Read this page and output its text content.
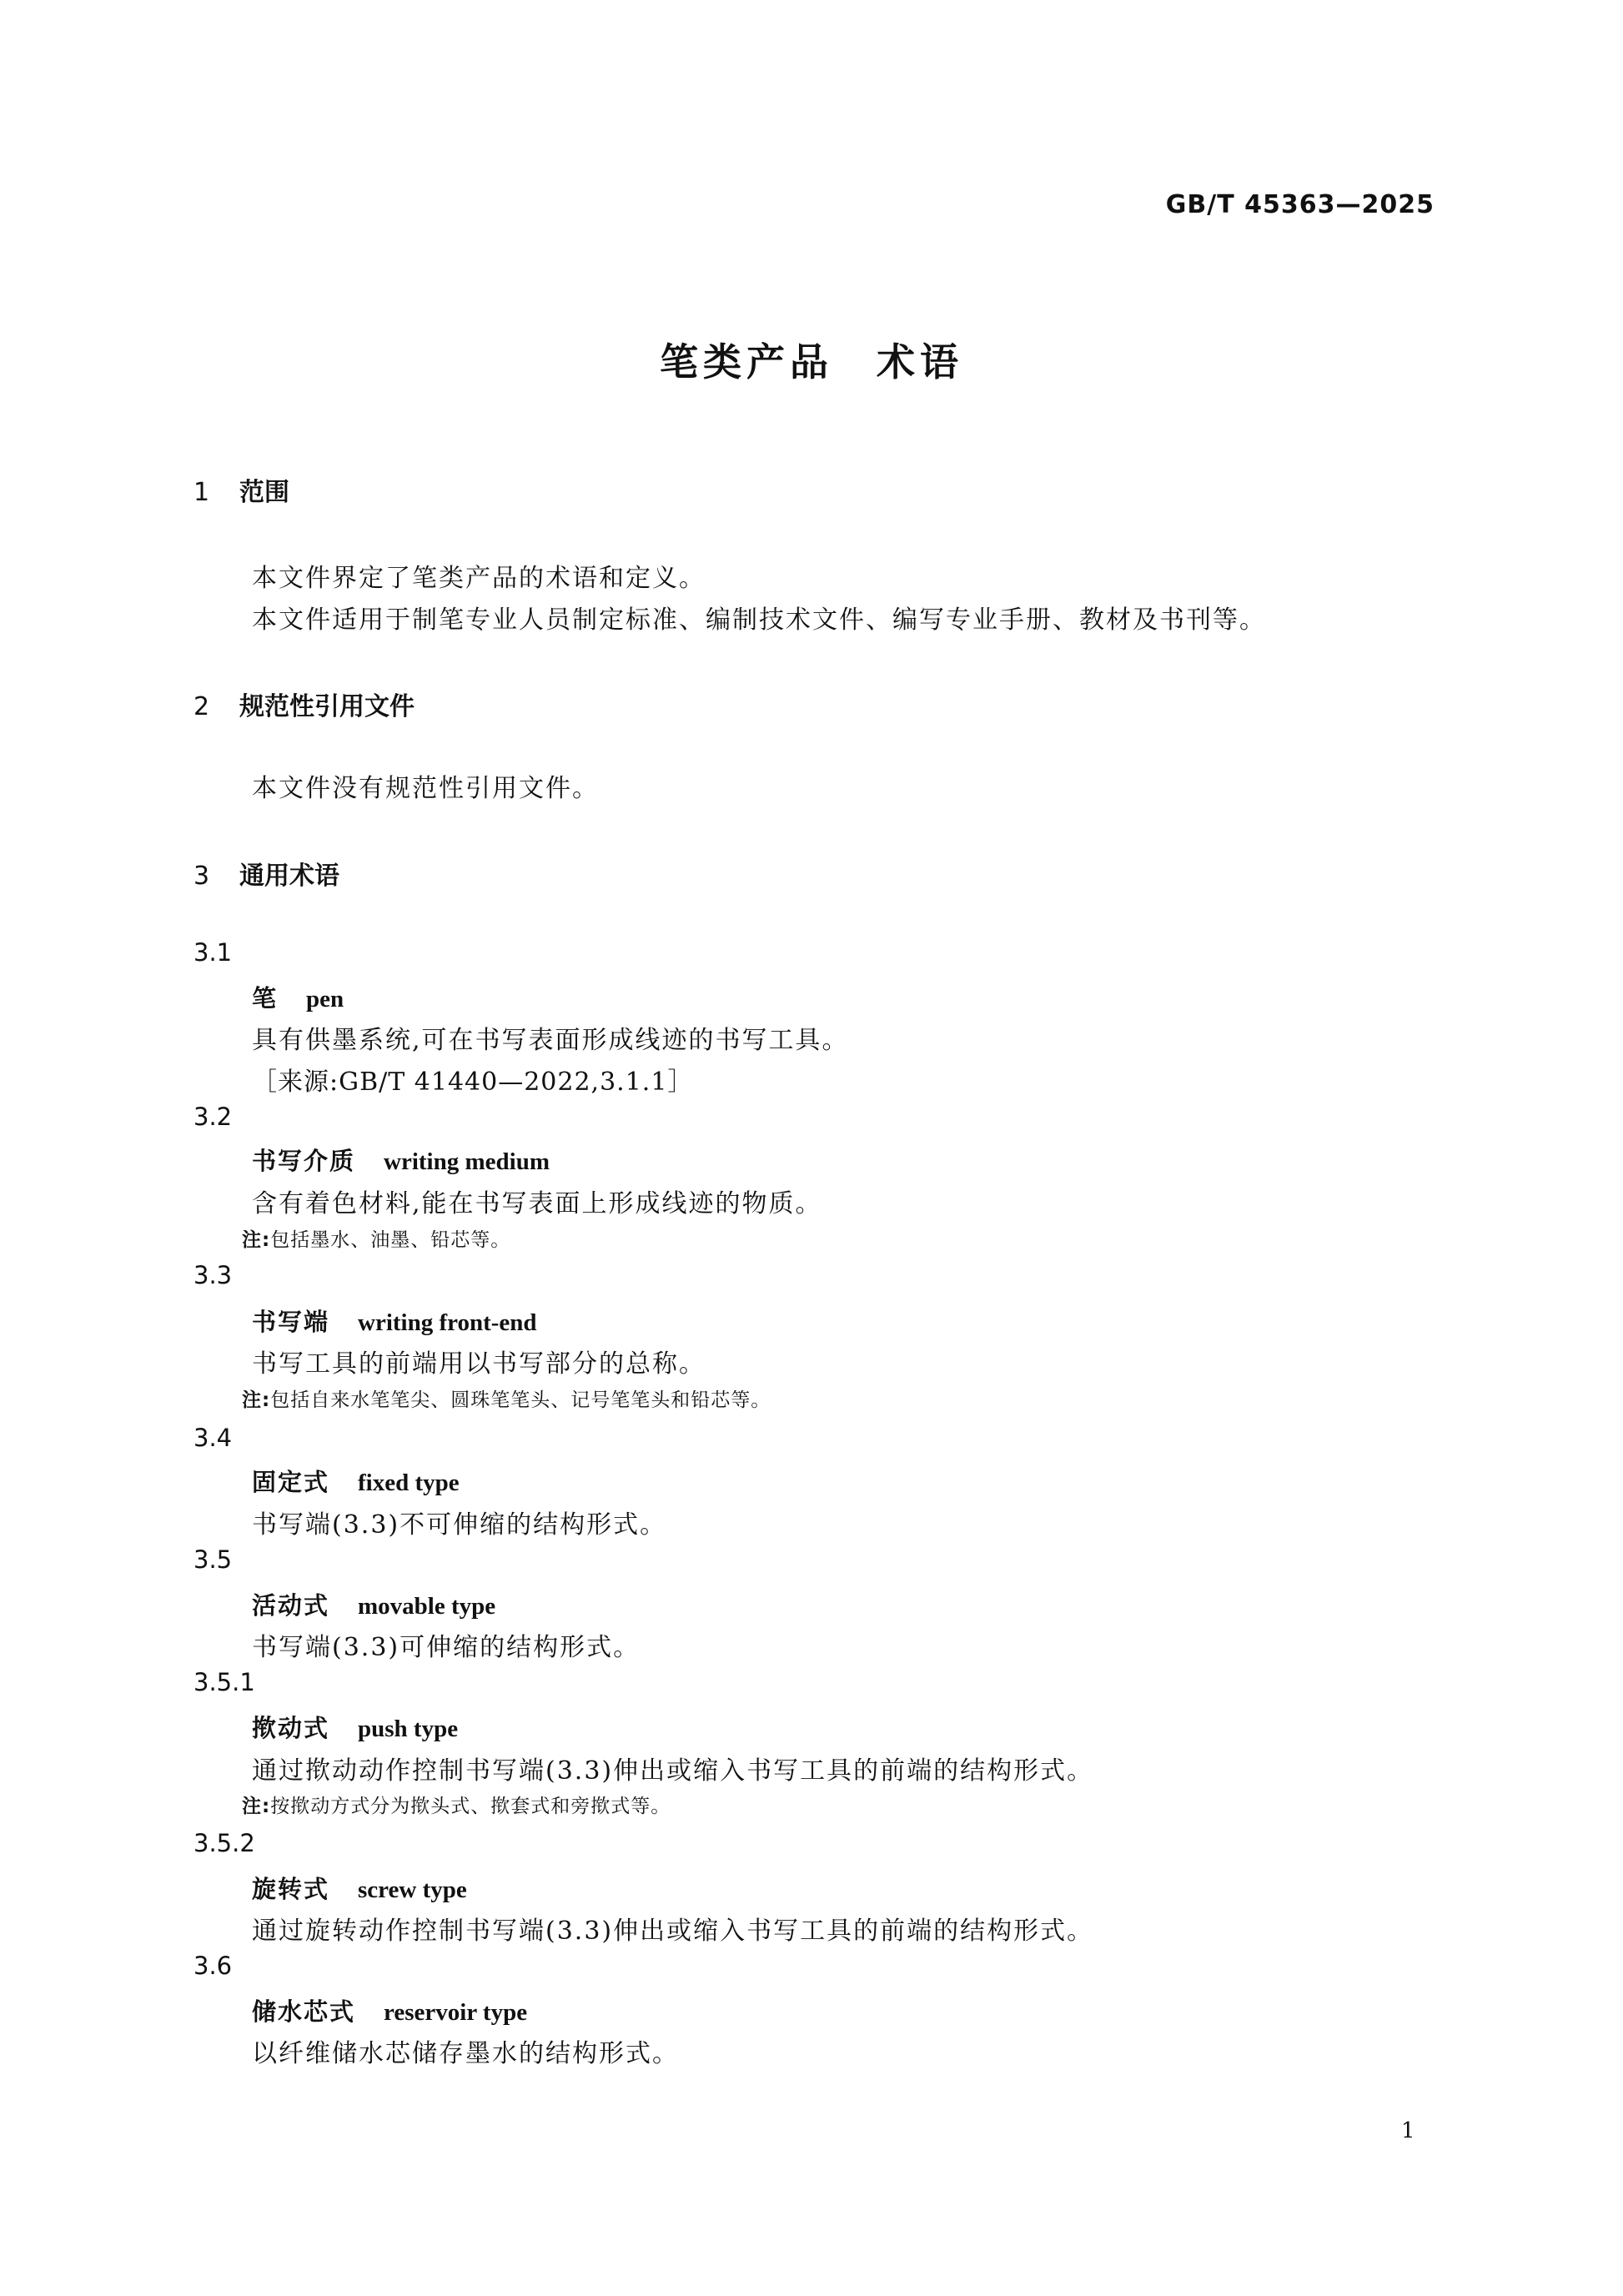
GB/T 45363—2025
笔类产品　术语
1 范围
本文件界定了笔类产品的术语和定义。
本文件适用于制笔专业人员制定标准、编制技术文件、编写专业手册、教材及书刊等。
2 规范性引用文件
本文件没有规范性引用文件。
3 通用术语
3.1
笔 pen
具有供墨系统,可在书写表面形成线迹的书写工具。
［来源:GB/T 41440—2022,3.1.1］
3.2
书写介质 writing medium
含有着色材料,能在书写表面上形成线迹的物质。
注:包括墨水、油墨、铅芯等。
3.3
书写端 writing front-end
书写工具的前端用以书写部分的总称。
注:包括自来水笔笔尖、圆珠笔笔头、记号笔笔头和铅芯等。
3.4
固定式 fixed type
书写端(3.3)不可伸缩的结构形式。
3.5
活动式 movable type
书写端(3.3)可伸缩的结构形式。
3.5.1
揿动式 push type
通过揿动动作控制书写端(3.3)伸出或缩入书写工具的前端的结构形式。
注:按揿动方式分为揿头式、揿套式和旁揿式等。
3.5.2
旋转式 screw type
通过旋转动作控制书写端(3.3)伸出或缩入书写工具的前端的结构形式。
3.6
储水芯式 reservoir type
以纤维储水芯储存墨水的结构形式。
1
